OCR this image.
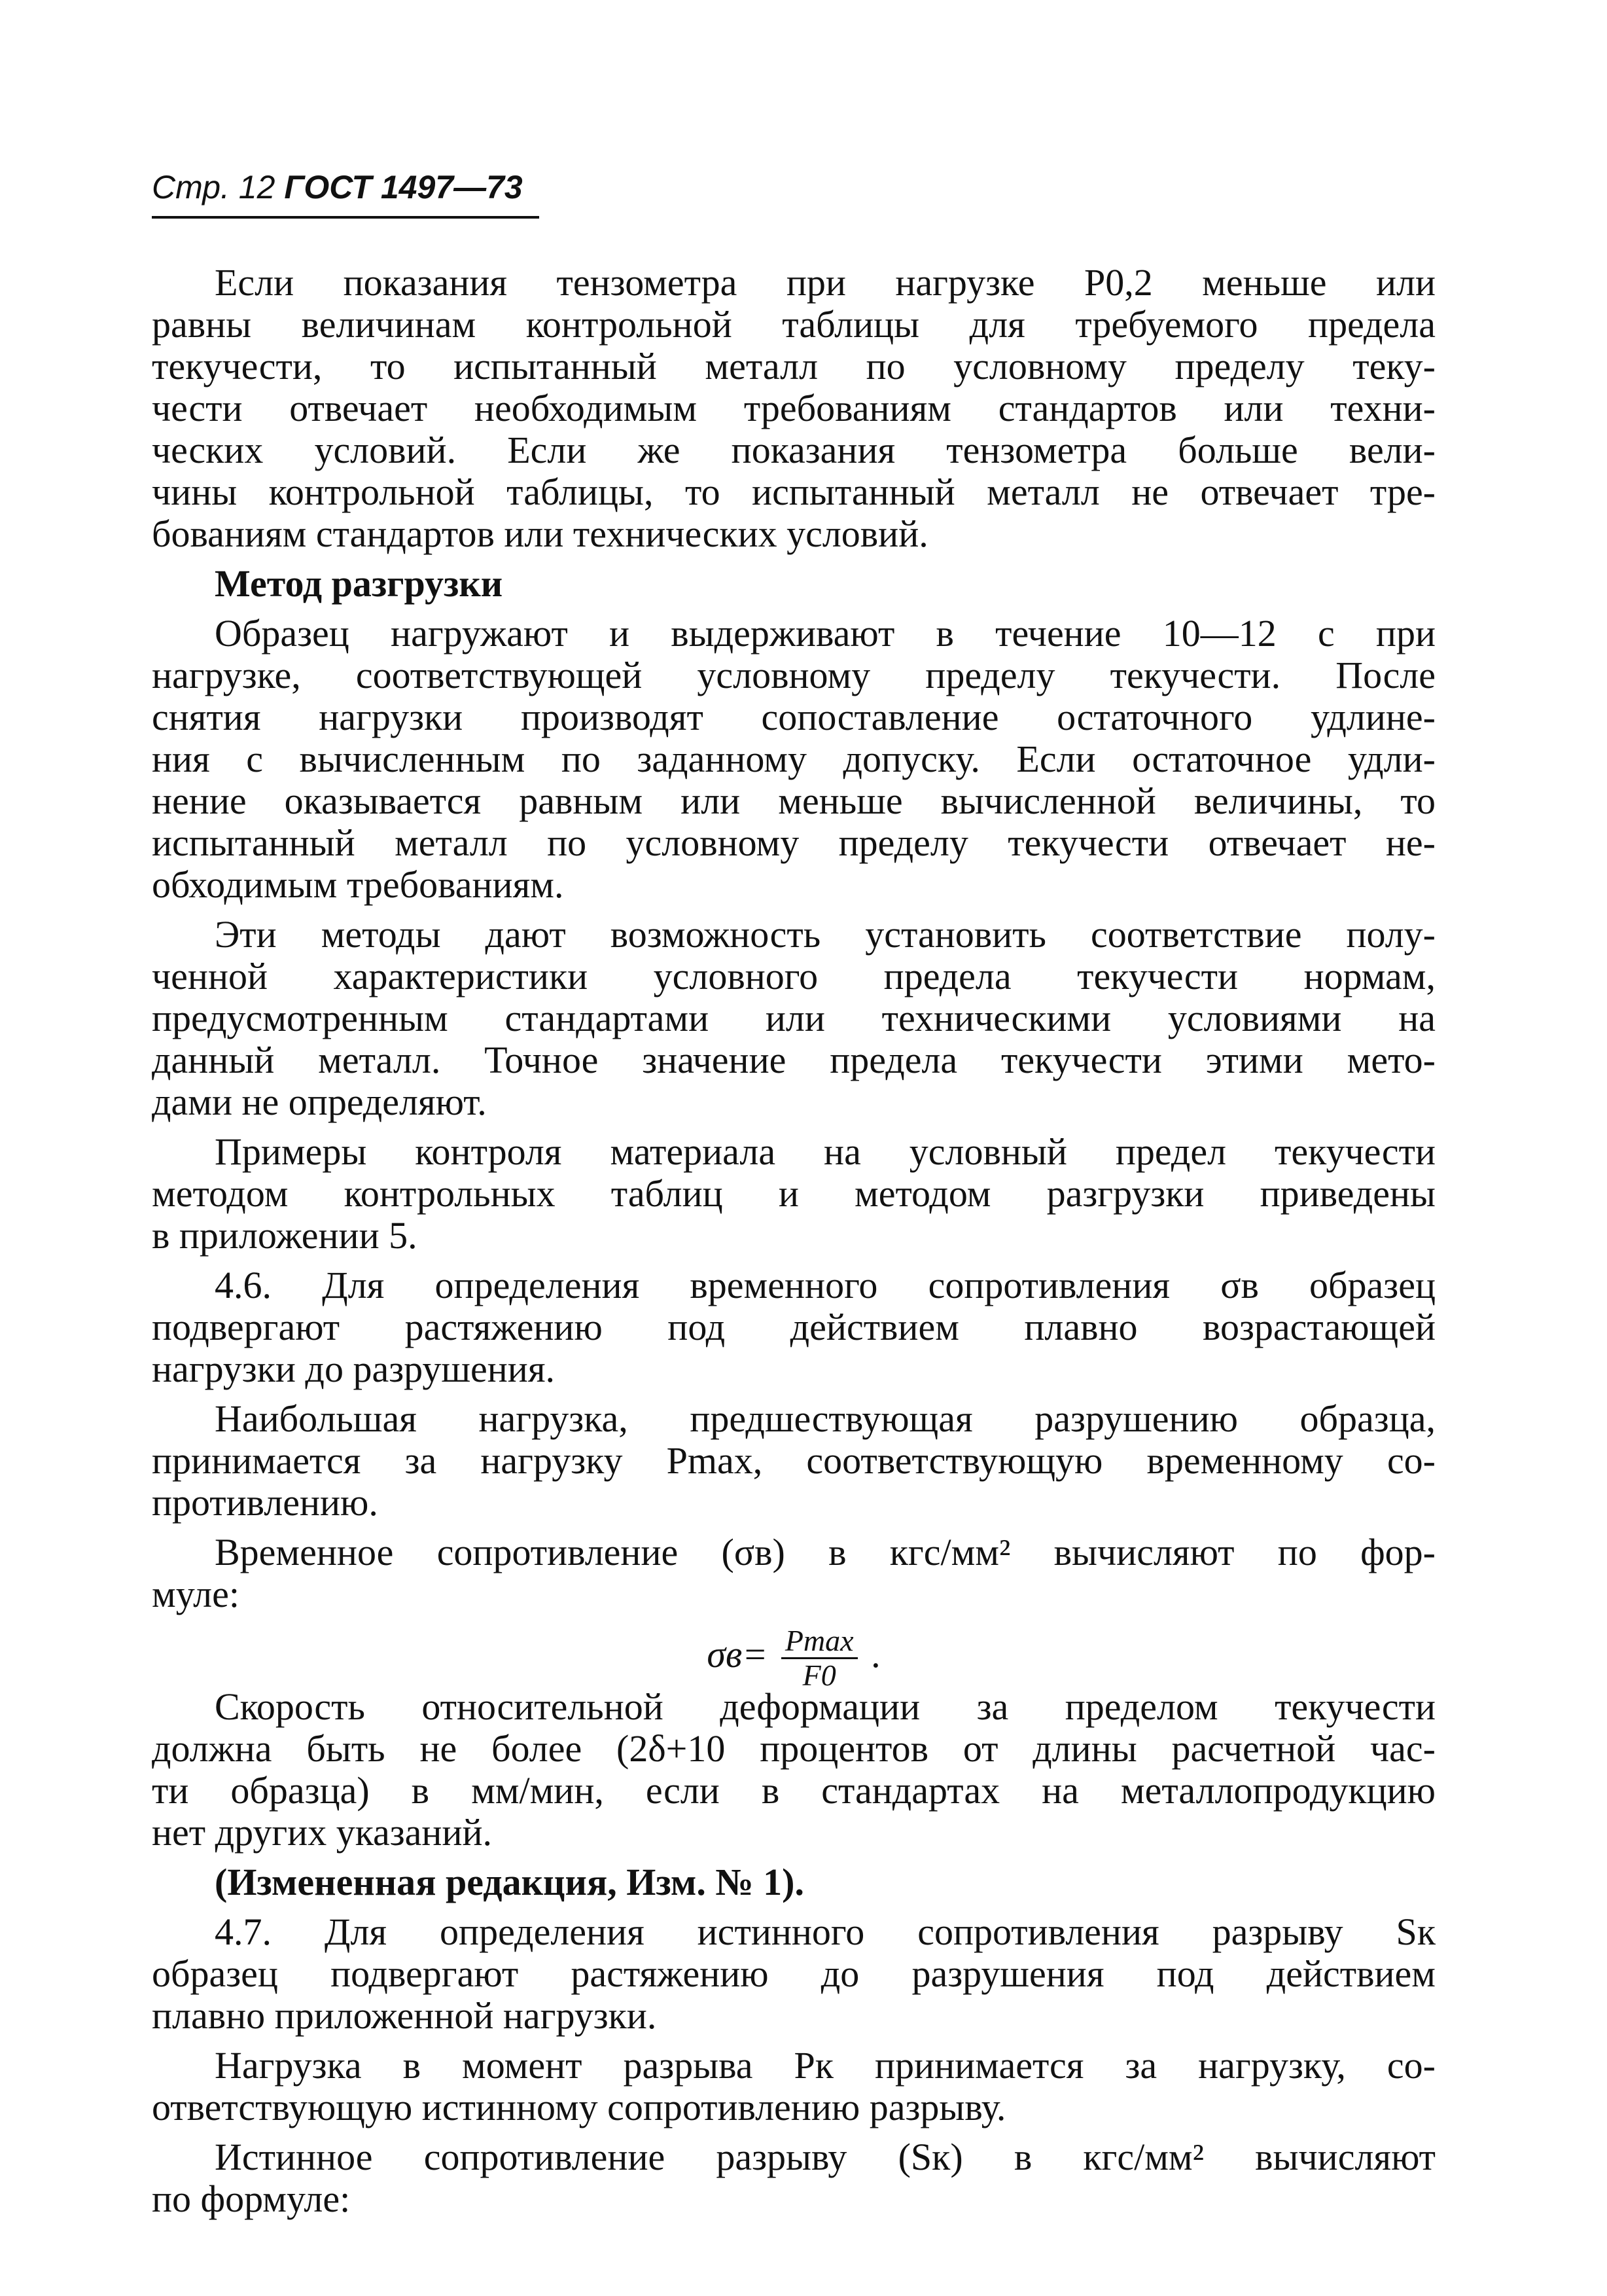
Стр. 12 ГОСТ 1497—73
Если показания тензометра при нагрузке P0,2 меньше или
равны величинам контрольной таблицы для требуемого предела
текучести, то испытанный металл по условному пределу теку-
чести отвечает необходимым требованиям стандартов или техни-
ческих условий. Если же показания тензометра больше вели-
чины контрольной таблицы, то испытанный металл не отвечает тре-
бованиям стандартов или технических условий.
Метод разгрузки
Образец нагружают и выдерживают в течение 10—12 с при
нагрузке, соответствующей условному пределу текучести. После
снятия нагрузки производят сопоставление остаточного удлине-
ния с вычисленным по заданному допуску. Если остаточное удли-
нение оказывается равным или меньше вычисленной величины, то
испытанный металл по условному пределу текучести отвечает не-
обходимым требованиям.
Эти методы дают возможность установить соответствие полу-
ченной характеристики условного предела текучести нормам,
предусмотренным стандартами или техническими условиями на
данный металл. Точное значение предела текучести этими мето-
дами не определяют.
Примеры контроля материала на условный предел текучести
методом контрольных таблиц и методом разгрузки приведены
в приложении 5.
4.6. Для определения временного сопротивления σв образец
подвергают растяжению под действием плавно возрастающей
нагрузки до разрушения.
Наибольшая нагрузка, предшествующая разрушению образца,
принимается за нагрузку Pmax, соответствующую временному со-
противлению.
Временное сопротивление (σв) в кгс/мм² вычисляют по фор-
муле:
$\sigma в= \frac{Pmax}{F0}$ .
Скорость относительной деформации за пределом текучести
должна быть не более (2δ+10 процентов от длины расчетной час-
ти образца) в мм/мин, если в стандартах на металлопродукцию
нет других указаний.
(Измененная редакция, Изм. № 1).
4.7. Для определения истинного сопротивления разрыву Sк
образец подвергают растяжению до разрушения под действием
плавно приложенной нагрузки.
Нагрузка в момент разрыва Pк принимается за нагрузку, со-
ответствующую истинному сопротивлению разрыву.
Истинное сопротивление разрыву (Sк) в кгс/мм² вычисляют
по формуле:
